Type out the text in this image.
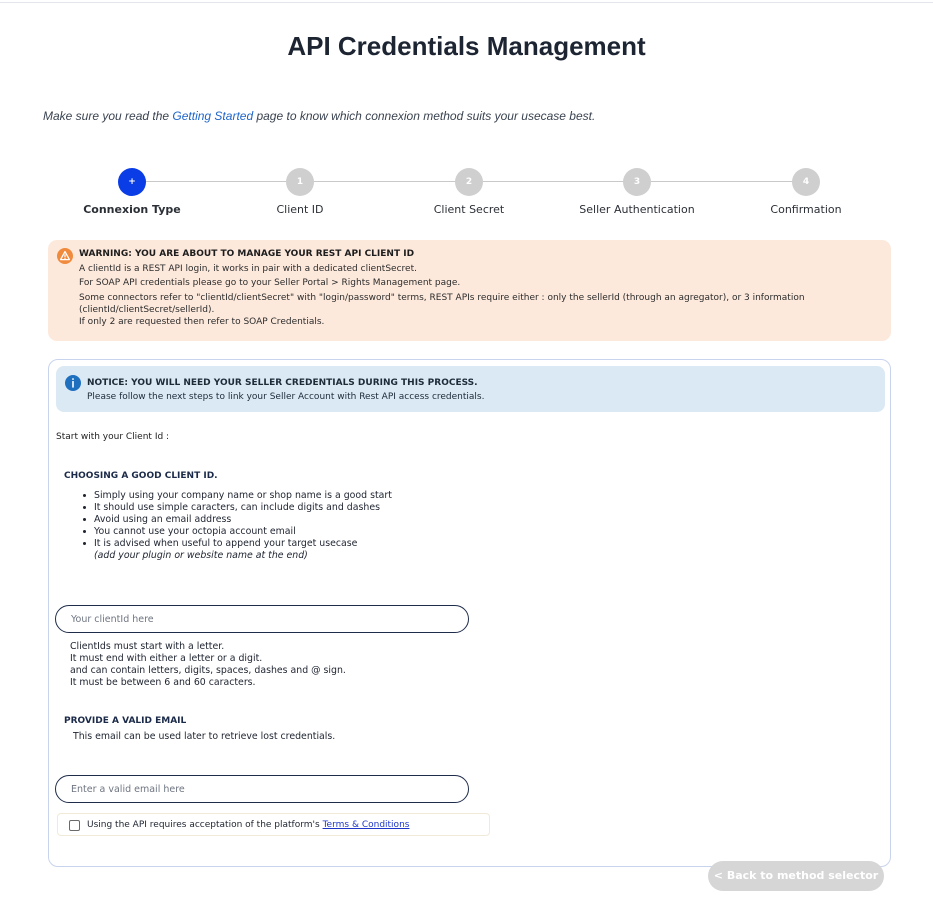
API Credentials Management
Make sure you read the Getting Started page to know which connexion method suits your usecase best.
+
Connexion Type
1
Client ID
2
Client Secret
3
Seller Authentication
4
Confirmation
WARNING: YOU ARE ABOUT TO MANAGE YOUR REST API CLIENT ID

A clientId is a REST API login, it works in pair with a dedicated clientSecret.

For SOAP API credentials please go to your Seller Portal > Rights Management page.

Some connectors refer to "clientId/clientSecret" with "login/password" terms, REST APIs require either : only the sellerId (through an agregator), or 3 information (clientId/clientSecret/sellerId).

If only 2 are requested then refer to SOAP Credentials.

NOTICE: YOU WILL NEED YOUR SELLER CREDENTIALS DURING THIS PROCESS.
Please follow the next steps to link your Seller Account with Rest API access credentials.
Start with your Client Id :
CHOOSING A GOOD CLIENT ID.
Simply using your company name or shop name is a good start
It should use simple caracters, can include digits and dashes
Avoid using an email address
You cannot use your octopia account email
It is advised when useful to append your target usecase
(add your plugin or website name at the end)
Your clientId here
ClientIds must start with a letter.
It must end with either a letter or a digit.
and can contain letters, digits, spaces, dashes and @ sign.
It must be between 6 and 60 caracters.
PROVIDE A VALID EMAIL
This email can be used later to retrieve lost credentials.
Enter a valid email here
Using the API requires acceptation of the platform's Terms & Conditions
< Back to method selector
